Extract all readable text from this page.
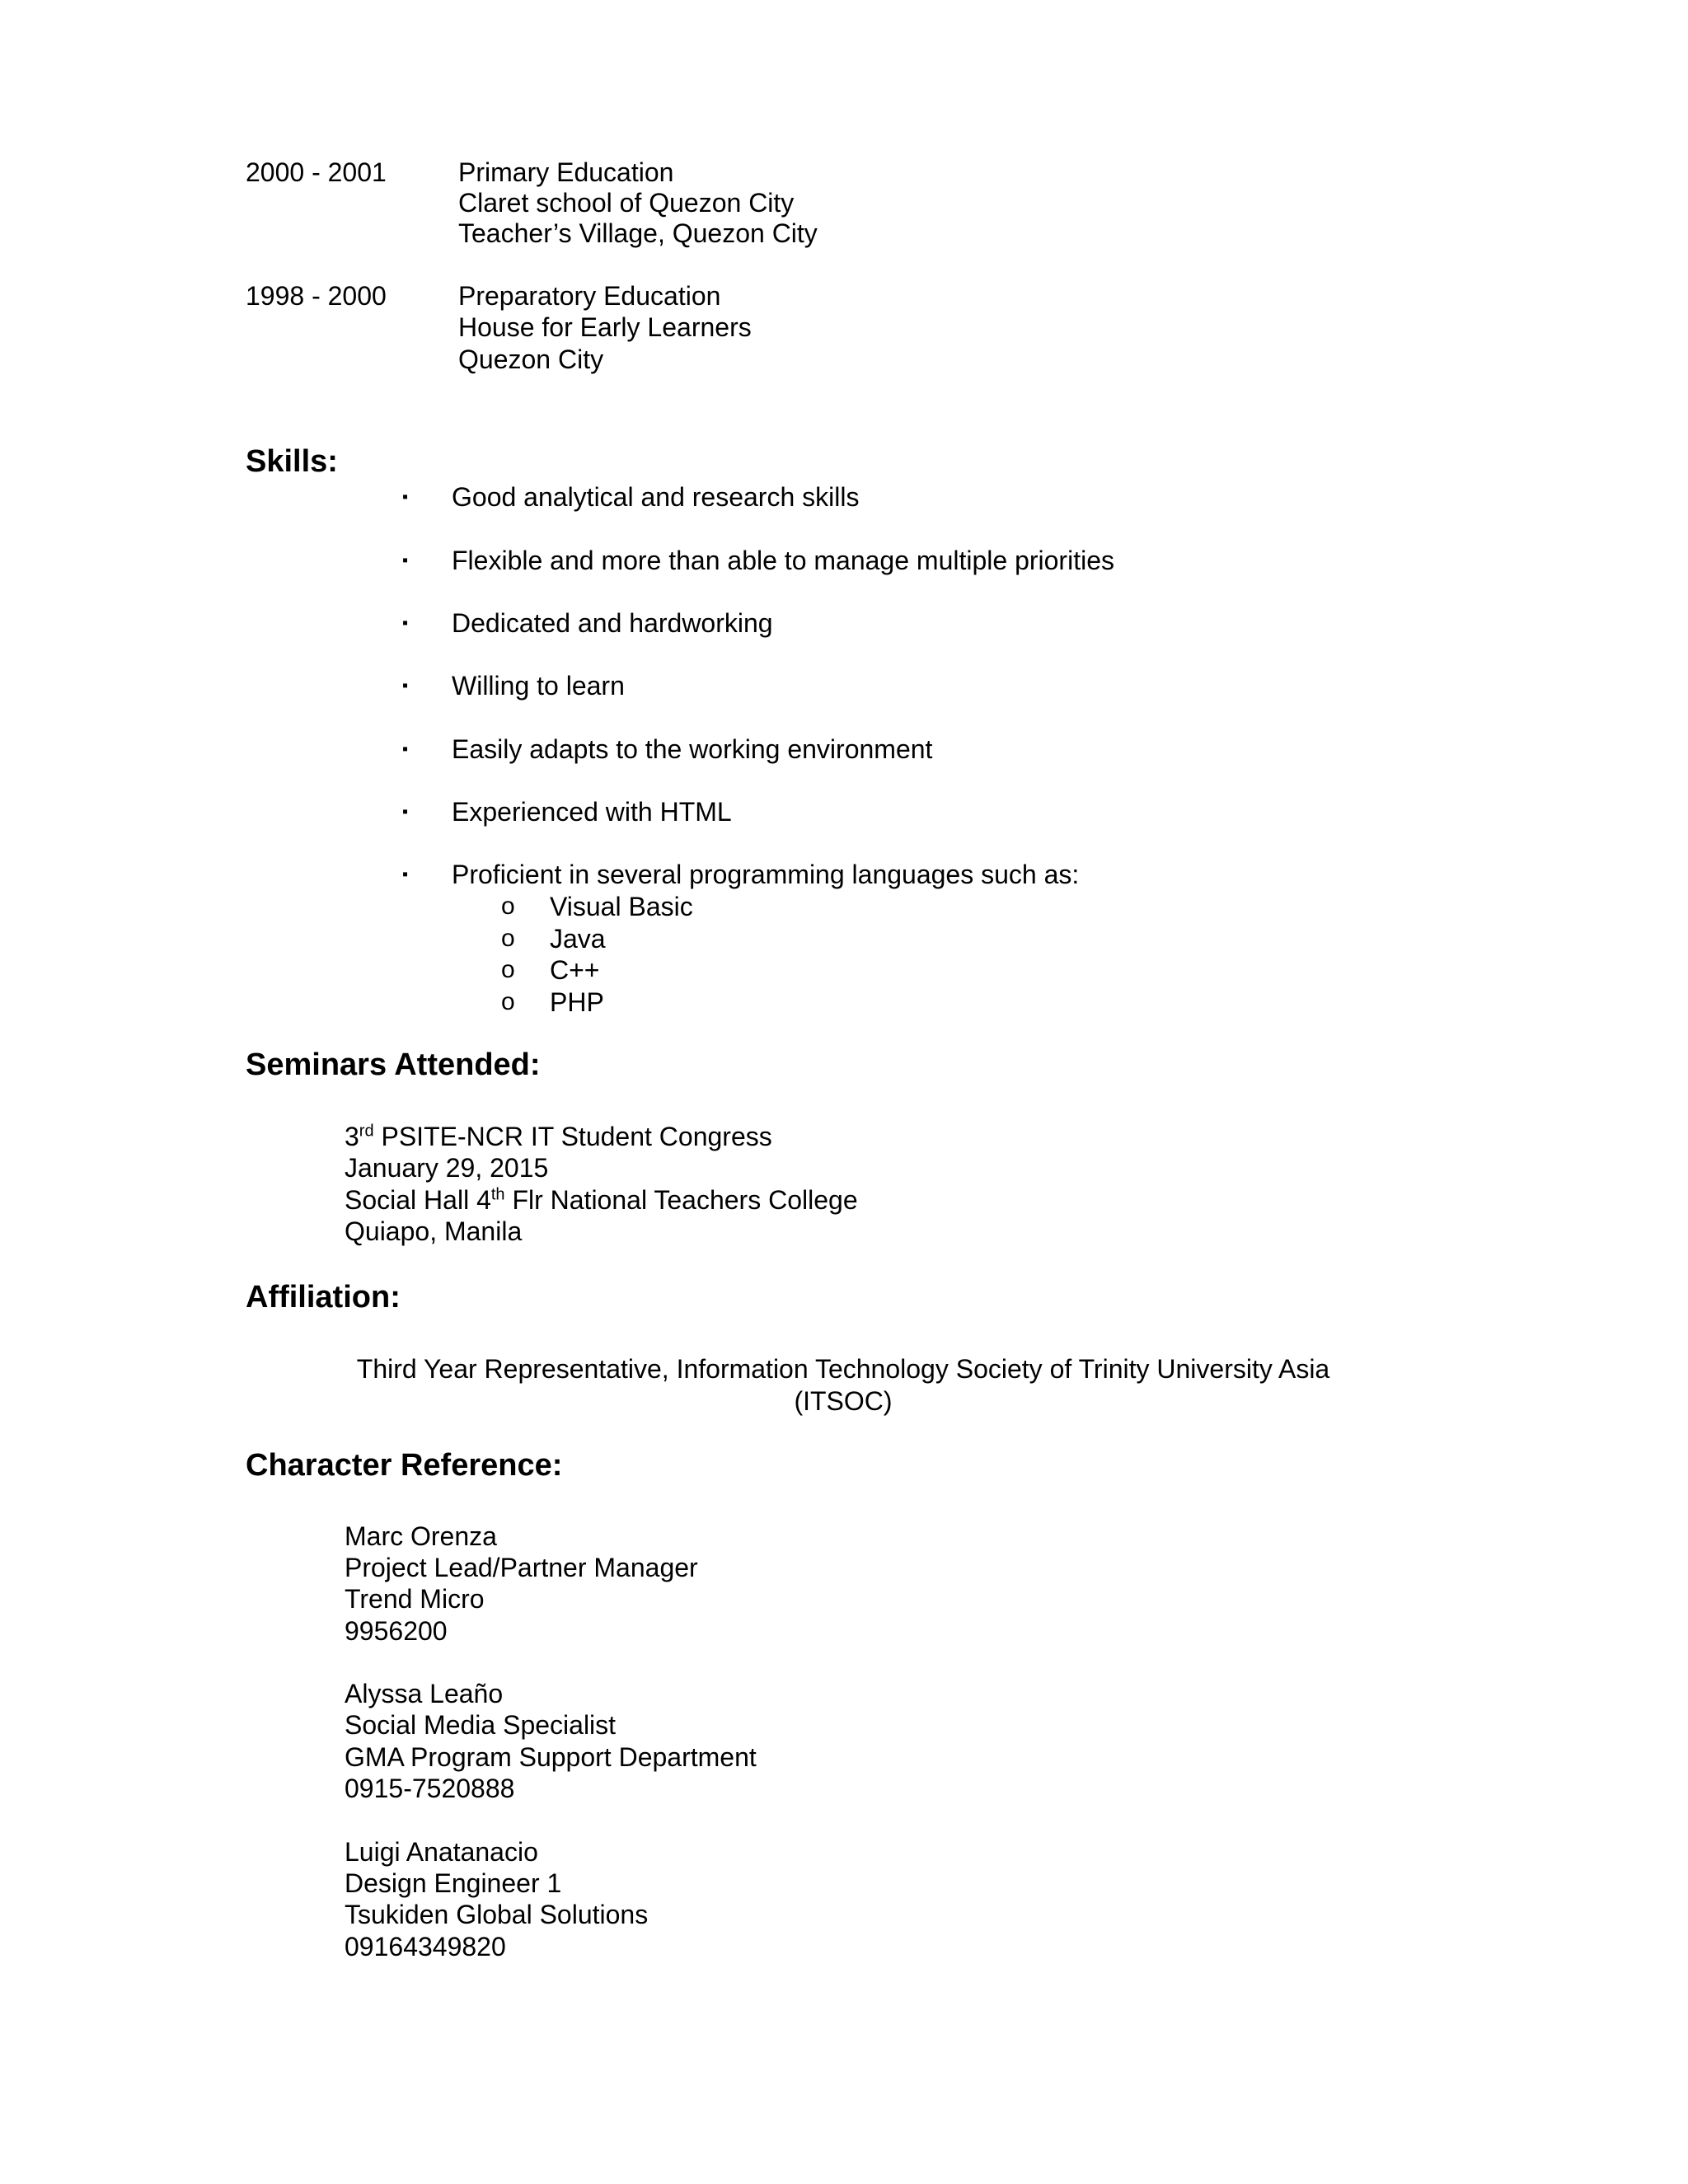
2000 - 2001	Primary Education
Claret school of Quezon City
Teacher’s Village, Quezon City
1998 - 2000	Preparatory Education
House for Early Learners
Quezon City
Skills:
▪ Good analytical and research skills
▪ Flexible and more than able to manage multiple priorities
▪ Dedicated and hardworking
▪ Willing to learn
▪ Easily adapts to the working environment
▪ Experienced with HTML
▪ Proficient in several programming languages such as:
o Visual Basic
o Java
o C++
o PHP
Seminars Attended:
3rd PSITE-NCR IT Student Congress
January 29, 2015
Social Hall 4th Flr National Teachers College
Quiapo, Manila
Affiliation:
Third Year Representative, Information Technology Society of Trinity University Asia
(ITSOC)
Character Reference:
Marc Orenza
Project Lead/Partner Manager
Trend Micro
9956200
Alyssa Leaño
Social Media Specialist
GMA Program Support Department
0915-7520888
Luigi Anatanacio
Design Engineer 1
Tsukiden Global Solutions
09164349820
